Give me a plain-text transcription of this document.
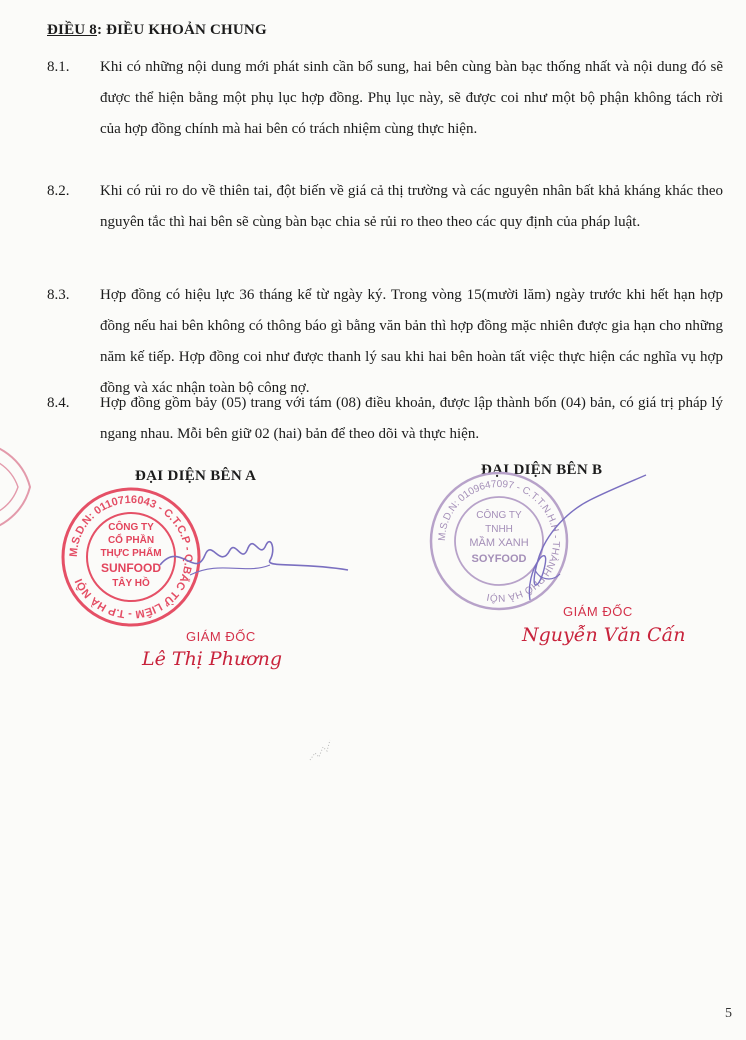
ĐIỀU 8: ĐIỀU KHOẢN CHUNG
8.1. Khi có những nội dung mới phát sinh cần bổ sung, hai bên cùng bàn bạc thống nhất và nội dung đó sẽ được thể hiện bằng một phụ lục hợp đồng. Phụ lục này, sẽ được coi như một bộ phận không tách rời của hợp đồng chính mà hai bên có trách nhiệm cùng thực hiện.
8.2. Khi có rủi ro do về thiên tai, đột biến về giá cả thị trường và các nguyên nhân bất khả kháng khác theo nguyên tắc thì hai bên sẽ cùng bàn bạc chia sẻ rủi ro theo theo các quy định của pháp luật.
8.3. Hợp đồng có hiệu lực 36 tháng kể từ ngày ký. Trong vòng 15(mười lăm) ngày trước khi hết hạn hợp đồng nếu hai bên không có thông báo gì bằng văn bản thì hợp đồng mặc nhiên được gia hạn cho những năm kế tiếp. Hợp đồng coi như được thanh lý sau khi hai bên hoàn tất việc thực hiện các nghĩa vụ hợp đồng và xác nhận toàn bộ công nợ.
8.4. Hợp đồng gồm bảy (05) trang với tám (08) điều khoản, được lập thành bốn (04) bản, có giá trị pháp lý ngang nhau. Mỗi bên giữ 02 (hai) bản để theo dõi và thực hiện.
ĐẠI DIỆN BÊN A
M.S.D.N: 0110716043 - C.T.C.P - Q.BẮC TỪ LIÊM - T.P HÀ NỘI
CÔNG TY
CỔ PHẦN
THỰC PHẨM
SUNFOOD
TÂY HỒ
GIÁM ĐỐC
Lê Thị Phương
ĐẠI DIỆN BÊN B
M.S.D.N: 0109647097 - C.T.T.N.H.H - THÀNH PHỐ HÀ NỘI
CÔNG TY
TNHH
MẦM XANH
SOYFOOD
GIÁM ĐỐC
Nguyễn Văn Cấn
5
